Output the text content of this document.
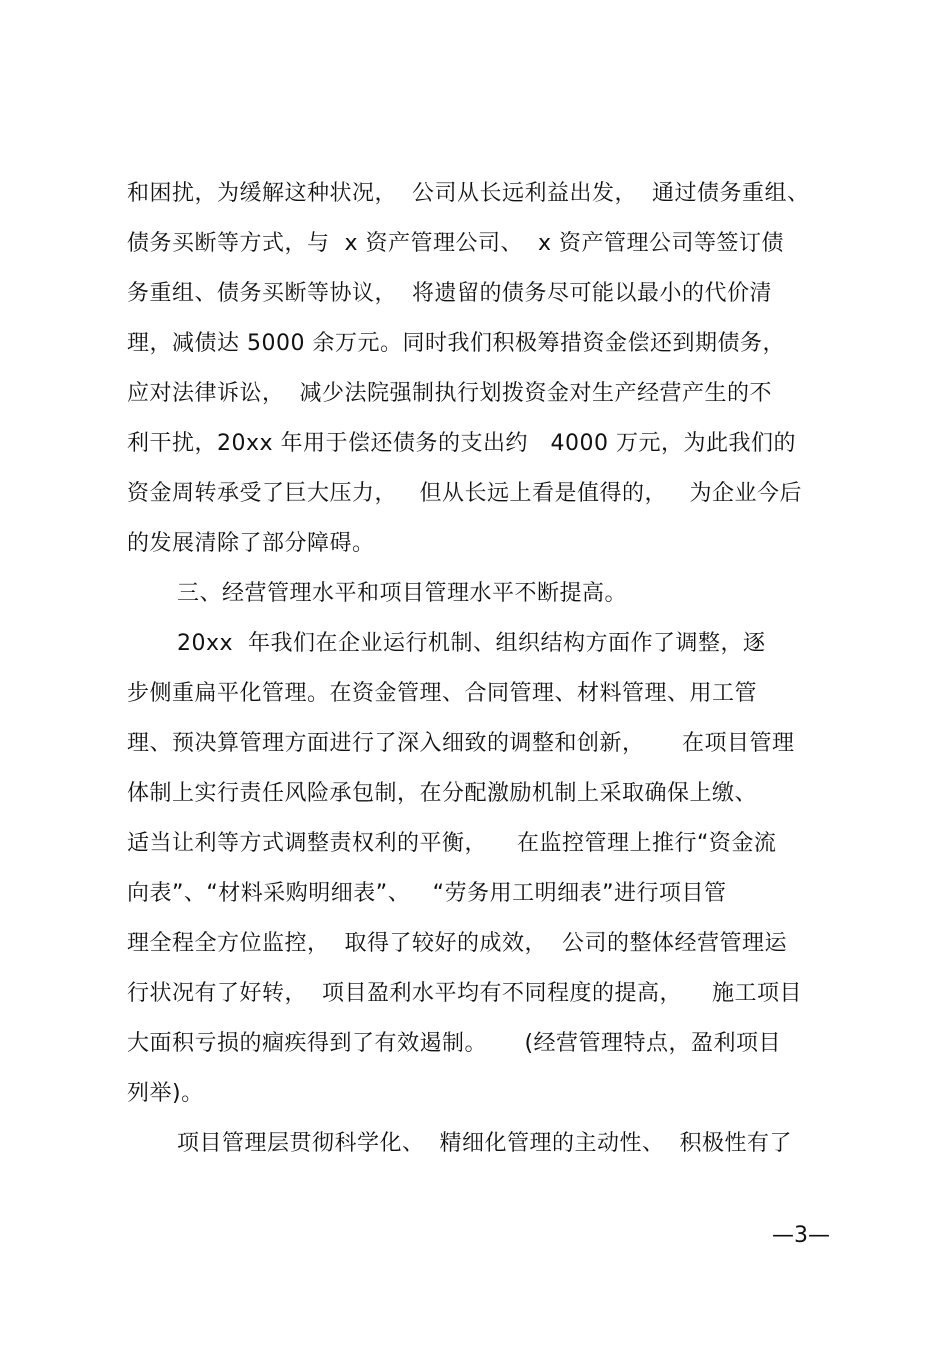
和困扰，为缓解这种状况，  公司从长远利益出发，  通过债务重组、
债务买断等方式，与  x 资产管理公司、  x 资产管理公司等签订债
务重组、债务买断等协议，  将遗留的债务尽可能以最小的代价清
理，减债达 5000 余万元。同时我们积极筹措资金偿还到期债务，
应对法律诉讼，  减少法院强制执行划拨资金对生产经营产生的不
利干扰，20xx 年用于偿还债务的支出约   4000 万元，为此我们的
资金周转承受了巨大压力，   但从长远上看是值得的，   为企业今后
的发展清除了部分障碍。
三、经营管理水平和项目管理水平不断提高。
20xx  年我们在企业运行机制、组织结构方面作了调整，逐
步侧重扁平化管理。在资金管理、合同管理、材料管理、用工管
理、预决算管理方面进行了深入细致的调整和创新，     在项目管理
体制上实行责任风险承包制，在分配激励机制上采取确保上缴、
适当让利等方式调整责权利的平衡，    在监控管理上推行“资金流
向表”、“材料采购明细表”、   “劳务用工明细表”进行项目管
理全程全方位监控，  取得了较好的成效，  公司的整体经营管理运
行状况有了好转，  项目盈利水平均有不同程度的提高，    施工项目
大面积亏损的痼疾得到了有效遏制。     (经营管理特点，盈利项目
列举)。
项目管理层贯彻科学化、  精细化管理的主动性、  积极性有了
—3—
